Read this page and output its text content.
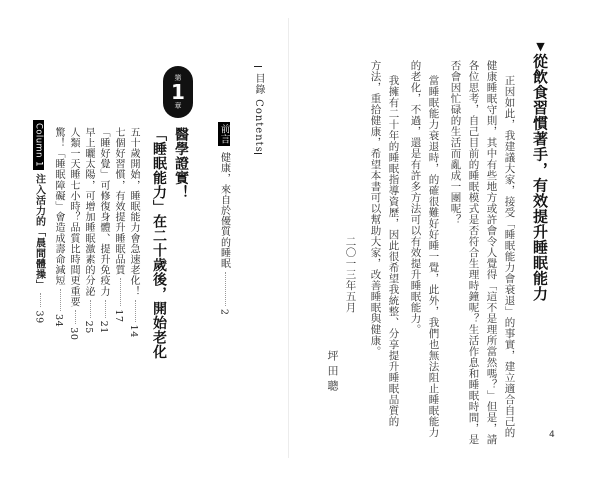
▼從飲食習慣著手，有效提升睡眠能力
正因如此，我建議大家，接受「睡眠能力會衰退」的事實，建立適合自己的
健康睡眠守則，其中有些地方或許會令人覺得「這不是理所當然嗎？」但是，請
各位思考，自己目前的睡眠模式是否符合生理時鐘呢？生活作息和睡眠時間，是
否會因忙碌的生活而亂成一團呢？
當睡眠能力衰退時，的確很難好好睡一覺，此外，我們也無法阻止睡眠能力
的老化，不過，還是有許多方法可以有效提升睡眠能力。
我擁有二十年的睡眠指導資歷，因此很希望我統整、分享提升睡眠品質的
方法，重拾健康，希望本書可以幫助大家，改善睡眠與健康。
二〇一三年五月
坪田聰
4
目錄 Contents
前言健康，來自於優質的睡眠2
第
1
章
醫學證實！
「睡眠能力」在二十歲後，開始老化
五十歲開始，睡眠能力會急速老化！14
七個好習慣，有效提升睡眠品質17
「睡好覺」可修復身體、提升免疫力21
早上曬太陽，可增加睡眠激素的分泌25
人類一天睡七小時？品質比時間更重要30
驚！「睡眠障礙」會造成壽命減短34
Column 1注入活力的「晨間體操」39
